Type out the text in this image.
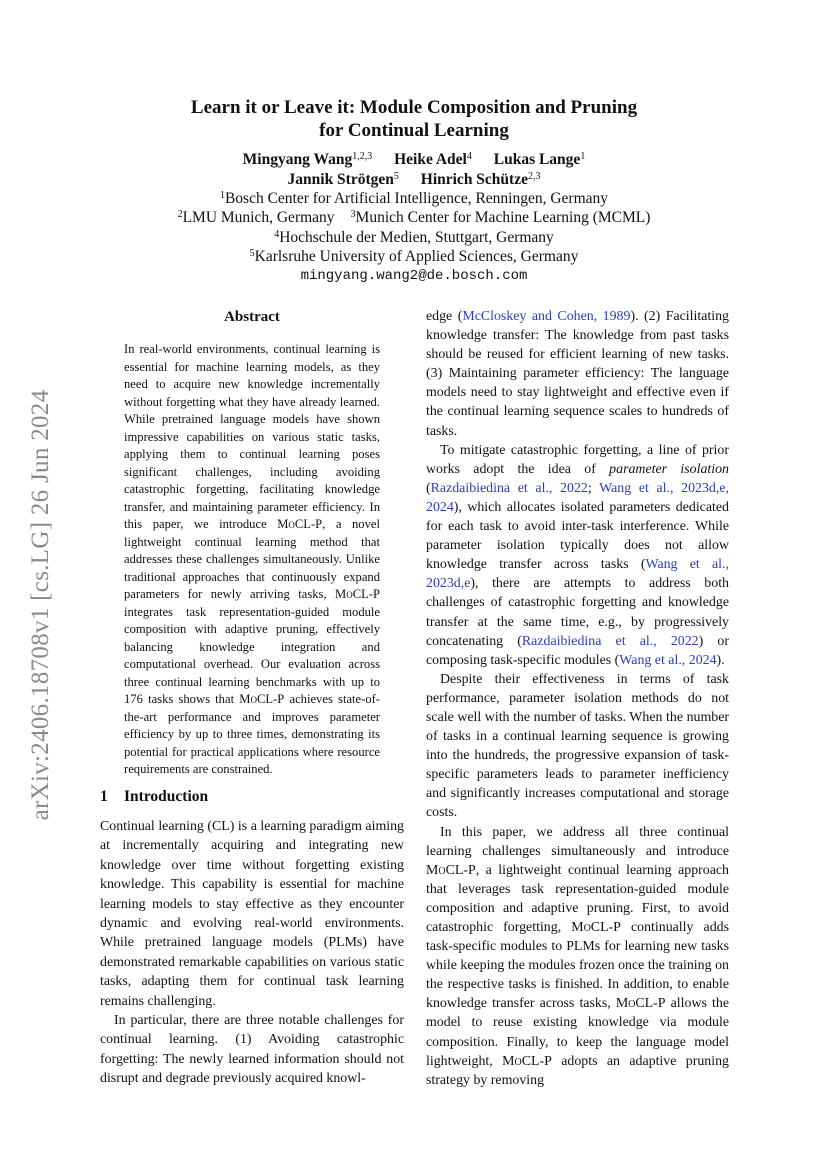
arXiv:2406.18708v1 [cs.LG] 26 Jun 2024
Learn it or Leave it: Module Composition and Pruning
for Continual Learning
Mingyang Wang$^{1,2,3}$ Heike Adel$^4$ Lukas Lange$^1$
Jannik Strötgen$^5$ Hinrich Schütze$^{2,3}$
$^1$Bosch Center for Artificial Intelligence, Renningen, Germany
$^2$LMU Munich, Germany $^3$Munich Center for Machine Learning (MCML)
$^4$Hochschule der Medien, Stuttgart, Germany
$^5$Karlsruhe University of Applied Sciences, Germany
mingyang.wang2@de.bosch.com
Abstract

In real-world environments, continual learning is essential for machine learning models, as they need to acquire new knowledge incrementally without forgetting what they have already learned. While pretrained language models have shown impressive capabilities on various static tasks, applying them to continual learning poses significant challenges, including avoiding catastrophic forgetting, facilitating knowledge transfer, and maintaining parameter efficiency. In this paper, we introduce MoCL-P, a novel lightweight continual learning method that addresses these challenges simultaneously. Unlike traditional approaches that continuously expand parameters for newly arriving tasks, MoCL-P integrates task representation-guided module composition with adaptive pruning, effectively balancing knowledge integration and computational overhead. Our evaluation across three continual learning benchmarks with up to 176 tasks shows that MoCL-P achieves state-of-the-art performance and improves parameter efficiency by up to three times, demonstrating its potential for practical applications where resource requirements are constrained.

1 Introduction

Continual learning (CL) is a learning paradigm aiming at incrementally acquiring and integrating new knowledge over time without forgetting existing knowledge. This capability is essential for machine learning models to stay effective as they encounter dynamic and evolving real-world environments. While pretrained language models (PLMs) have demonstrated remarkable capabilities on various static tasks, adapting them for continual task learning remains challenging.

In particular, there are three notable challenges for continual learning. (1) Avoiding catastrophic forgetting: The newly learned information should not disrupt and degrade previously acquired knowl-

edge (McCloskey and Cohen, 1989). (2) Facilitating knowledge transfer: The knowledge from past tasks should be reused for efficient learning of new tasks. (3) Maintaining parameter efficiency: The language models need to stay lightweight and effective even if the continual learning sequence scales to hundreds of tasks.

To mitigate catastrophic forgetting, a line of prior works adopt the idea of parameter isolation (Razdaibiedina et al., 2022; Wang et al., 2023d,e, 2024), which allocates isolated parameters dedicated for each task to avoid inter-task interference. While parameter isolation typically does not allow knowledge transfer across tasks (Wang et al., 2023d,e), there are attempts to address both challenges of catastrophic forgetting and knowledge transfer at the same time, e.g., by progressively concatenating (Razdaibiedina et al., 2022) or composing task-specific modules (Wang et al., 2024).

Despite their effectiveness in terms of task performance, parameter isolation methods do not scale well with the number of tasks. When the number of tasks in a continual learning sequence is growing into the hundreds, the progressive expansion of task-specific parameters leads to parameter inefficiency and significantly increases computational and storage costs.

In this paper, we address all three continual learning challenges simultaneously and introduce MoCL-P, a lightweight continual learning approach that leverages task representation-guided module composition and adaptive pruning. First, to avoid catastrophic forgetting, MoCL-P continually adds task-specific modules to PLMs for learning new tasks while keeping the modules frozen once the training on the respective tasks is finished. In addition, to enable knowledge transfer across tasks, MoCL-P allows the model to reuse existing knowledge via module composition. Finally, to keep the language model lightweight, MoCL-P adopts an adaptive pruning strategy by removing
